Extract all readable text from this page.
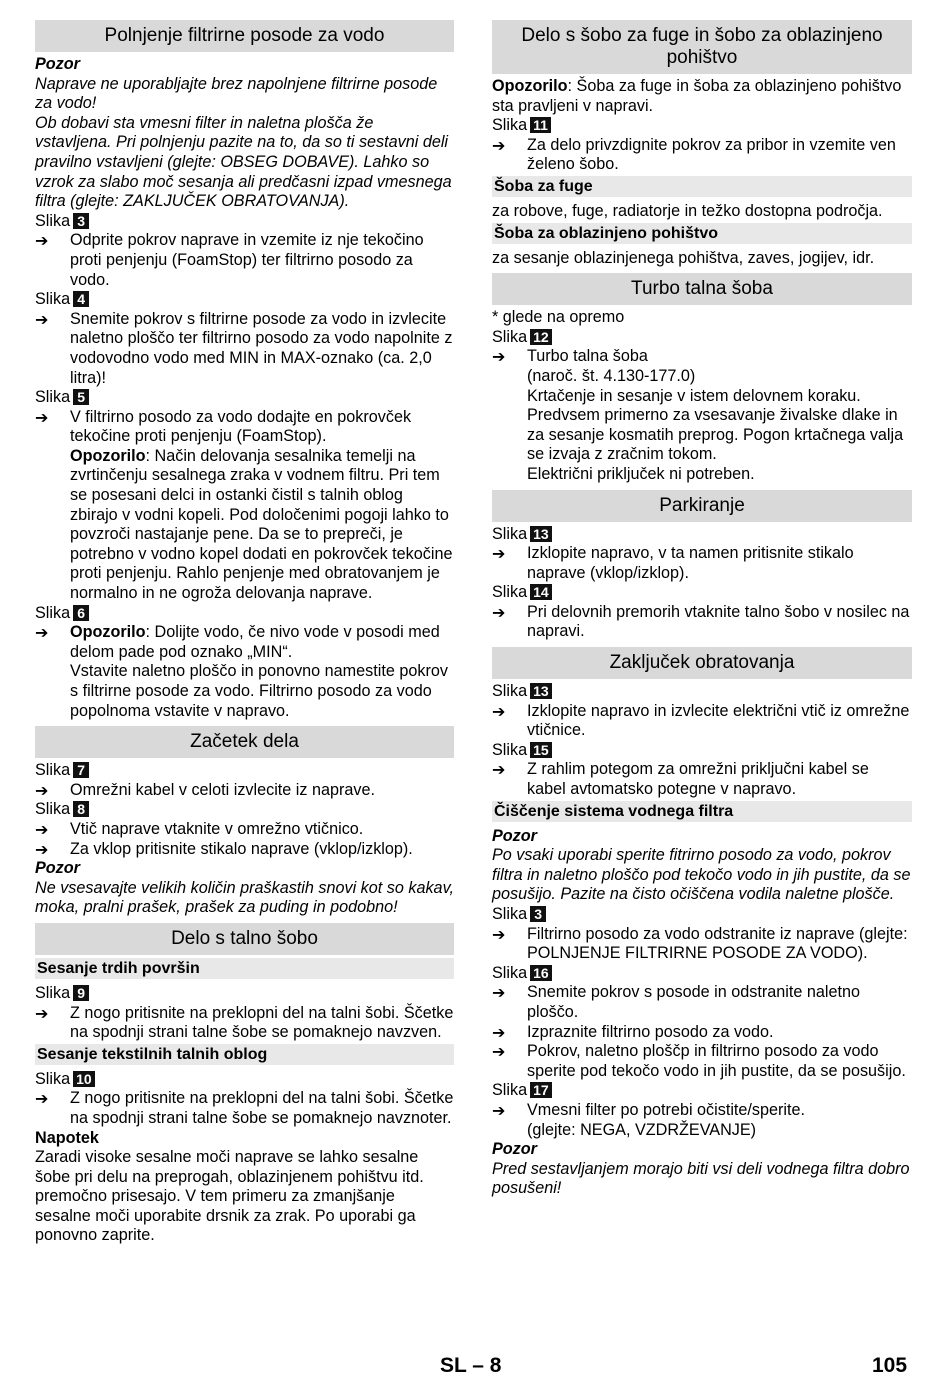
Polnjenje filtrirne posode za vodo

Pozor

Naprave ne uporabljajte brez napolnjene filtrirne posode za vodo!
Ob dobavi sta vmesni filter in naletna plošča že vstavljena. Pri polnjenju pazite na to, da so ti sestavni deli pravilno vstavljeni (glejte: OBSEG DOBAVE). Lahko so vzrok za slabo moč sesanja ali predčasni izpad vmesnega filtra (glejte: ZAKLJUČEK OBRATOVANJA).

Slika 3

➔ Odprite pokrov naprave in vzemite iz nje tekočino proti penjenju (FoamStop) ter filtrirno posodo za vodo.

Slika 4

➔ Snemite pokrov s filtrirne posode za vodo in izvlecite naletno ploščo ter filtrirno posodo za vodo napolnite z vodovodno vodo med MIN in MAX-oznako (ca. 2,0 litra)!

Slika 5

➔ V filtrirno posodo za vodo dodajte en pokrovček tekočine proti penjenju (FoamStop).
Opozorilo: Način delovanja sesalnika temelji na zvrtinčenju sesalnega zraka v vodnem filtru. Pri tem se posesani delci in ostanki čistil s talnih oblog zbirajo v vodni kopeli. Pod določenimi pogoji lahko to povzroči nastajanje pene. Da se to prepreči, je potrebno v vodno kopel dodati en pokrovček tekočine proti penjenju. Rahlo penjenje med obratovanjem je normalno in ne ogroža delovanja naprave.

Slika 6

➔ Opozorilo: Dolijte vodo, če nivo vode v posodi med delom pade pod oznako „MIN“.
Vstavite naletno ploščo in ponovno namestite pokrov s filtrirne posode za vodo. Filtrirno posodo za vodo popolnoma vstavite v napravo.

Začetek dela

Slika 7

➔ Omrežni kabel v celoti izvlecite iz naprave.

Slika 8

➔ Vtič naprave vtaknite v omrežno vtičnico.

➔ Za vklop pritisnite stikalo naprave (vklop/izklop).

Pozor

Ne vsesavajte velikih količin praškastih snovi kot so kakav, moka, pralni prašek, prašek za puding in podobno!

Delo s talno šobo
Sesanje trdih površin

Slika 9

➔ Z nogo pritisnite na preklopni del na talni šobi. Ščetke na spodnji strani talne šobe se pomaknejo navzven.

Sesanje tekstilnih talnih oblog

Slika 10

➔ Z nogo pritisnite na preklopni del na talni šobi. Ščetke na spodnji strani talne šobe se pomaknejo navznoter.

Napotek

Zaradi visoke sesalne moči naprave se lahko sesalne šobe pri delu na preprogah, oblazinjenem pohištvu itd. premočno prisesajo. V tem primeru za zmanjšanje sesalne moči uporabite drsnik za zrak. Po uporabi ga ponovno zaprite.

Delo s šobo za fuge in šobo za oblazinjeno pohištvo

Opozorilo: Šoba za fuge in šoba za oblazinjeno pohištvo sta pravljeni v napravi.

Slika 11

➔ Za delo privzdignite pokrov za pribor in vzemite ven želeno šobo.

Šoba za fuge

za robove, fuge, radiatorje in težko dostopna področja.

Šoba za oblazinjeno pohištvo

za sesanje oblazinjenega pohištva, zaves, jogijev, idr.

Turbo talna šoba

* glede na opremo

Slika 12

➔ Turbo talna šoba
(naroč. št. 4.130-177.0)
Krtačenje in sesanje v istem delovnem koraku. Predvsem primerno za vsesavanje živalske dlake in za sesanje kosmatih preprog. Pogon krtačnega valja se izvaja z zračnim tokom.
Električni priključek ni potreben.

Parkiranje

Slika 13

➔ Izklopite napravo, v ta namen pritisnite stikalo naprave (vklop/izklop).

Slika 14

➔ Pri delovnih premorih vtaknite talno šobo v nosilec na napravi.

Zaključek obratovanja

Slika 13

➔ Izklopite napravo in izvlecite električni vtič iz omrežne vtičnice.

Slika 15

➔ Z rahlim potegom za omrežni priključni kabel se kabel avtomatsko potegne v napravo.

Čiščenje sistema vodnega filtra

Pozor

Po vsaki uporabi sperite fitrirno posodo za vodo, pokrov filtra in naletno ploščo pod tekočo vodo in jih pustite, da se posušijo. Pazite na čisto očiščena vodila naletne plošče.

Slika 3

➔ Filtrirno posodo za vodo odstranite iz naprave (glejte: POLNJENJE FILTRIRNE POSODE ZA VODO).

Slika 16

➔ Snemite pokrov s posode in odstranite naletno ploščo.

➔ Izpraznite filtrirno posodo za vodo.

➔ Pokrov, naletno ploščp in filtrirno posodo za vodo sperite pod tekočo vodo in jih pustite, da se posušijo.

Slika 17

➔ Vmesni filter po potrebi očistite/sperite.
(glejte: NEGA, VZDRŽEVANJE)

Pozor

Pred sestavljanjem morajo biti vsi deli vodnega filtra dobro posušeni!

SL – 8	105
